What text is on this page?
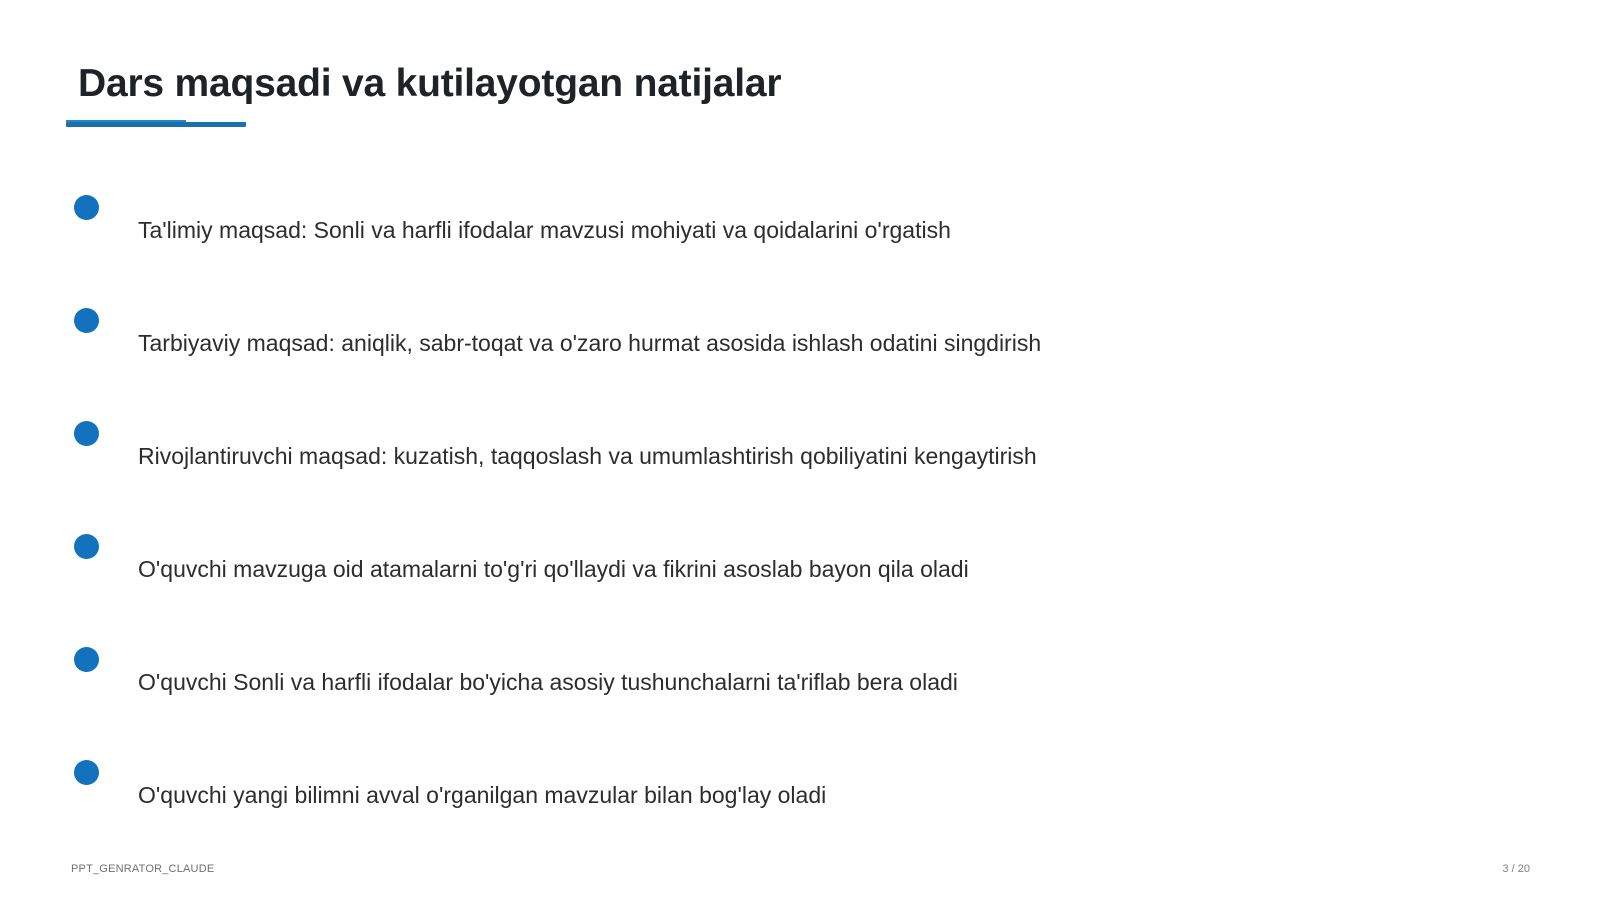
Dars maqsadi va kutilayotgan natijalar
Ta'limiy maqsad: Sonli va harfli ifodalar mavzusi mohiyati va qoidalarini o'rgatish
Tarbiyaviy maqsad: aniqlik, sabr-toqat va o'zaro hurmat asosida ishlash odatini singdirish
Rivojlantiruvchi maqsad: kuzatish, taqqoslash va umumlashtirish qobiliyatini kengaytirish
O'quvchi mavzuga oid atamalarni to'g'ri qo'llaydi va fikrini asoslab bayon qila oladi
O'quvchi Sonli va harfli ifodalar bo'yicha asosiy tushunchalarni ta'riflab bera oladi
O'quvchi yangi bilimni avval o'rganilgan mavzular bilan bog'lay oladi
PPT_GENRATOR_CLAUDE	3 / 20
